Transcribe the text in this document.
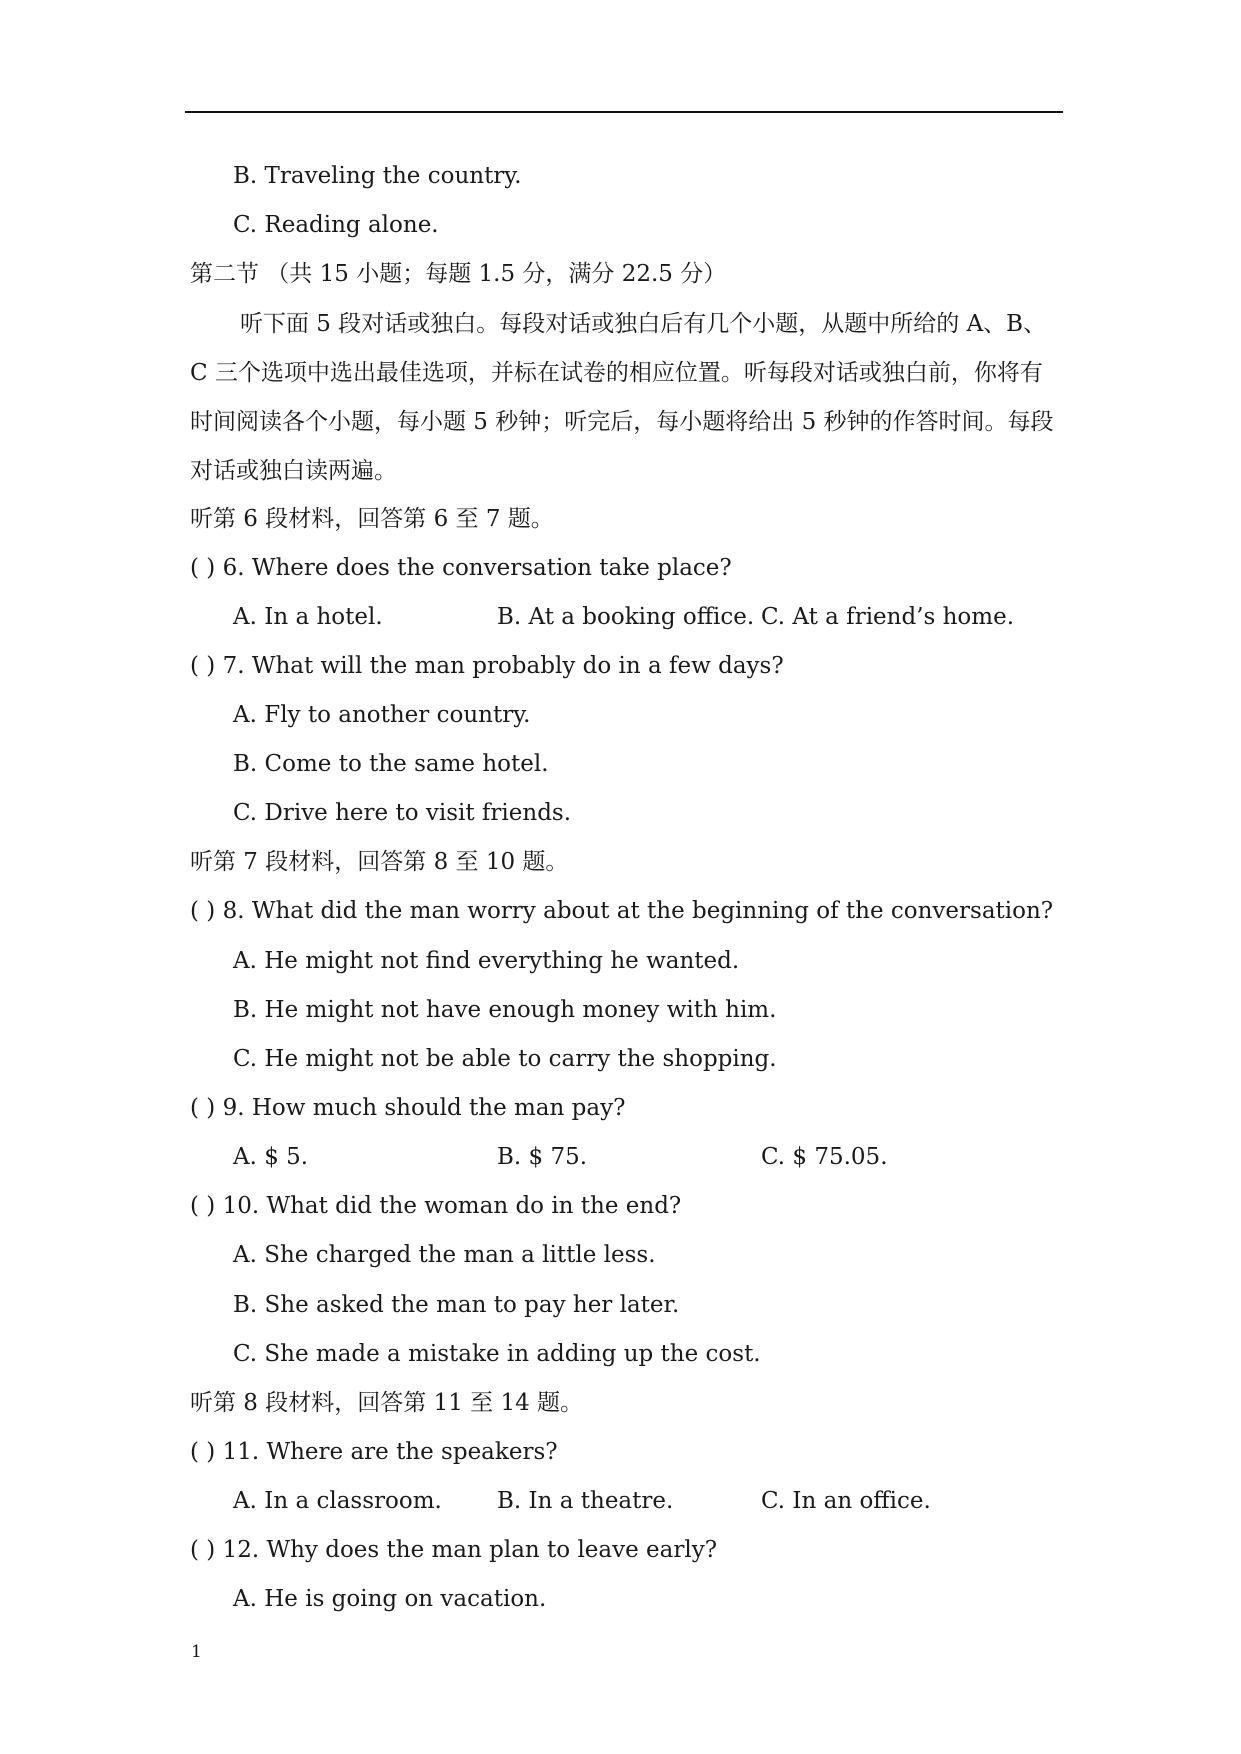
B. Traveling the country.
C. Reading alone.
第二节 （共 15 小题；每题 1.5 分，满分 22.5 分）
听下面 5 段对话或独白。每段对话或独白后有几个小题，从题中所给的 A、B、C 三个选项中选出最佳选项，并标在试卷的相应位置。听每段对话或独白前，你将有时间阅读各个小题，每小题 5 秒钟；听完后，每小题将给出 5 秒钟的作答时间。每段对话或独白读两遍。
听第 6 段材料，回答第 6 至 7 题。
( ) 6. Where does the conversation take place?
A. In a hotel.	B. At a booking office. C. At a friend’s home.
( ) 7. What will the man probably do in a few days?
A. Fly to another country.
B. Come to the same hotel.
C. Drive here to visit friends.
听第 7 段材料，回答第 8 至 10 题。
( ) 8. What did the man worry about at the beginning of the conversation?
A. He might not find everything he wanted.
B. He might not have enough money with him.
C. He might not be able to carry the shopping.
( ) 9. How much should the man pay?
A. $ 5.	B. $ 75.	C. $ 75.05.
( ) 10. What did the woman do in the end?
A. She charged the man a little less.
B. She asked the man to pay her later.
C. She made a mistake in adding up the cost.
听第 8 段材料，回答第 11 至 14 题。
( ) 11. Where are the speakers?
A. In a classroom. B. In a theatre.	C. In an office.
( ) 12. Why does the man plan to leave early?
A. He is going on vacation.
1
